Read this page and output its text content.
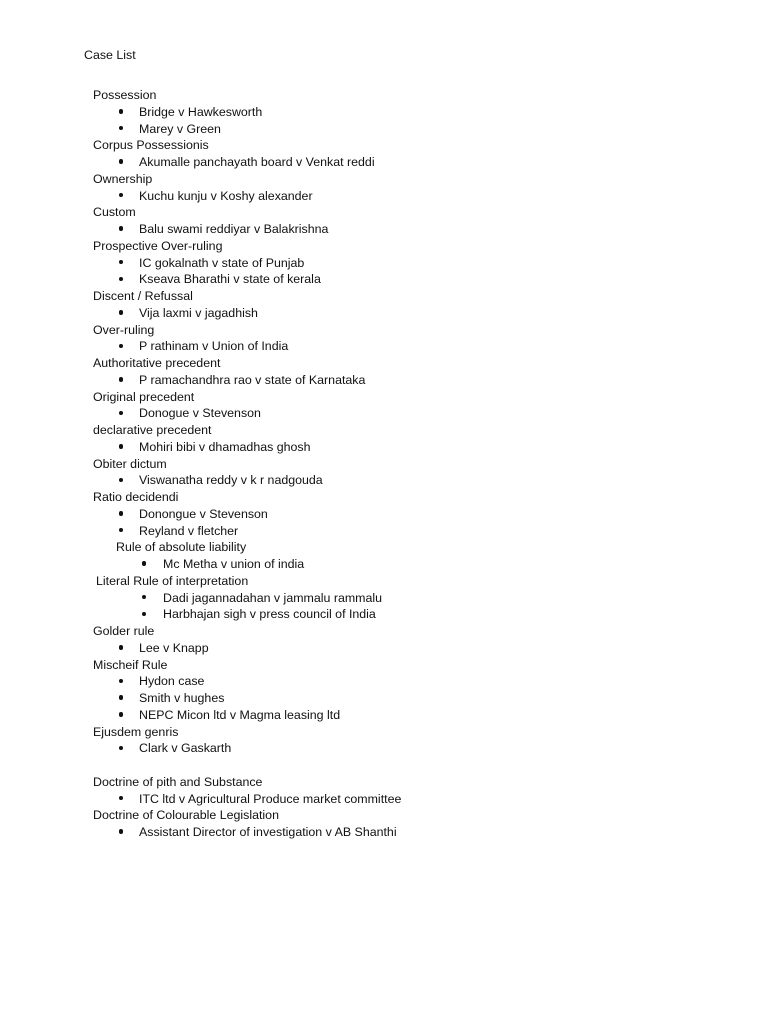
Case List
Possession
Bridge v Hawkesworth
Marey v Green
Corpus Possessionis
Akumalle panchayath board v Venkat reddi
Ownership
Kuchu kunju v Koshy alexander
Custom
Balu swami reddiyar v Balakrishna
Prospective Over-ruling
IC gokalnath v state of Punjab
Kseava Bharathi v state of kerala
Discent / Refussal
Vija laxmi v jagadhish
Over-ruling
P rathinam v Union of India
Authoritative precedent
P ramachandhra rao v state of Karnataka
Original precedent
Donogue v Stevenson
declarative precedent
Mohiri bibi v dhamadhas ghosh
Obiter dictum
Viswanatha reddy v k r nadgouda
Ratio decidendi
Donongue v Stevenson
Reyland v fletcher
Rule of absolute liability
Mc Metha v union of india
Literal Rule of interpretation
Dadi jagannadahan v jammalu rammalu
Harbhajan sigh v press council of India
Golder rule
Lee v Knapp
Mischeif Rule
Hydon case
Smith v hughes
NEPC Micon ltd v Magma leasing ltd
Ejusdem genris
Clark v Gaskarth
Doctrine of pith and Substance
ITC ltd v Agricultural Produce market committee
Doctrine of Colourable Legislation
Assistant Director of investigation v AB Shanthi
